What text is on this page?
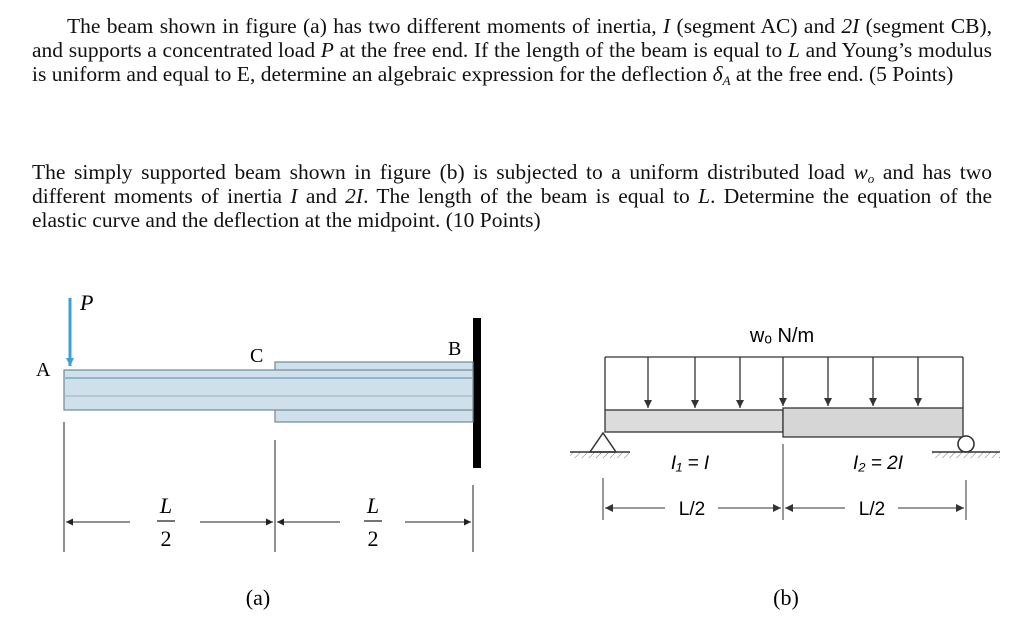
The beam shown in figure (a) has two different moments of inertia, I (segment AC) and 2I (segment CB), and supports a concentrated load P at the free end. If the length of the beam is equal to L and Young’s modulus is uniform and equal to E, determine an algebraic expression for the deflection $\delta_A$ at the free end. (5 Points)

The simply supported beam shown in figure (b) is subjected to a uniform distributed load $w_o$ and has two different moments of inertia I and 2I. The length of the beam is equal to L. Determine the equation of the elastic curve and the deflection at the midpoint. (10 Points)

P
A
C	B
L
2
L
2
(a)
wₒ N/m
I₁ = I	I₂ = 2I
L/2	L/2
(b)
